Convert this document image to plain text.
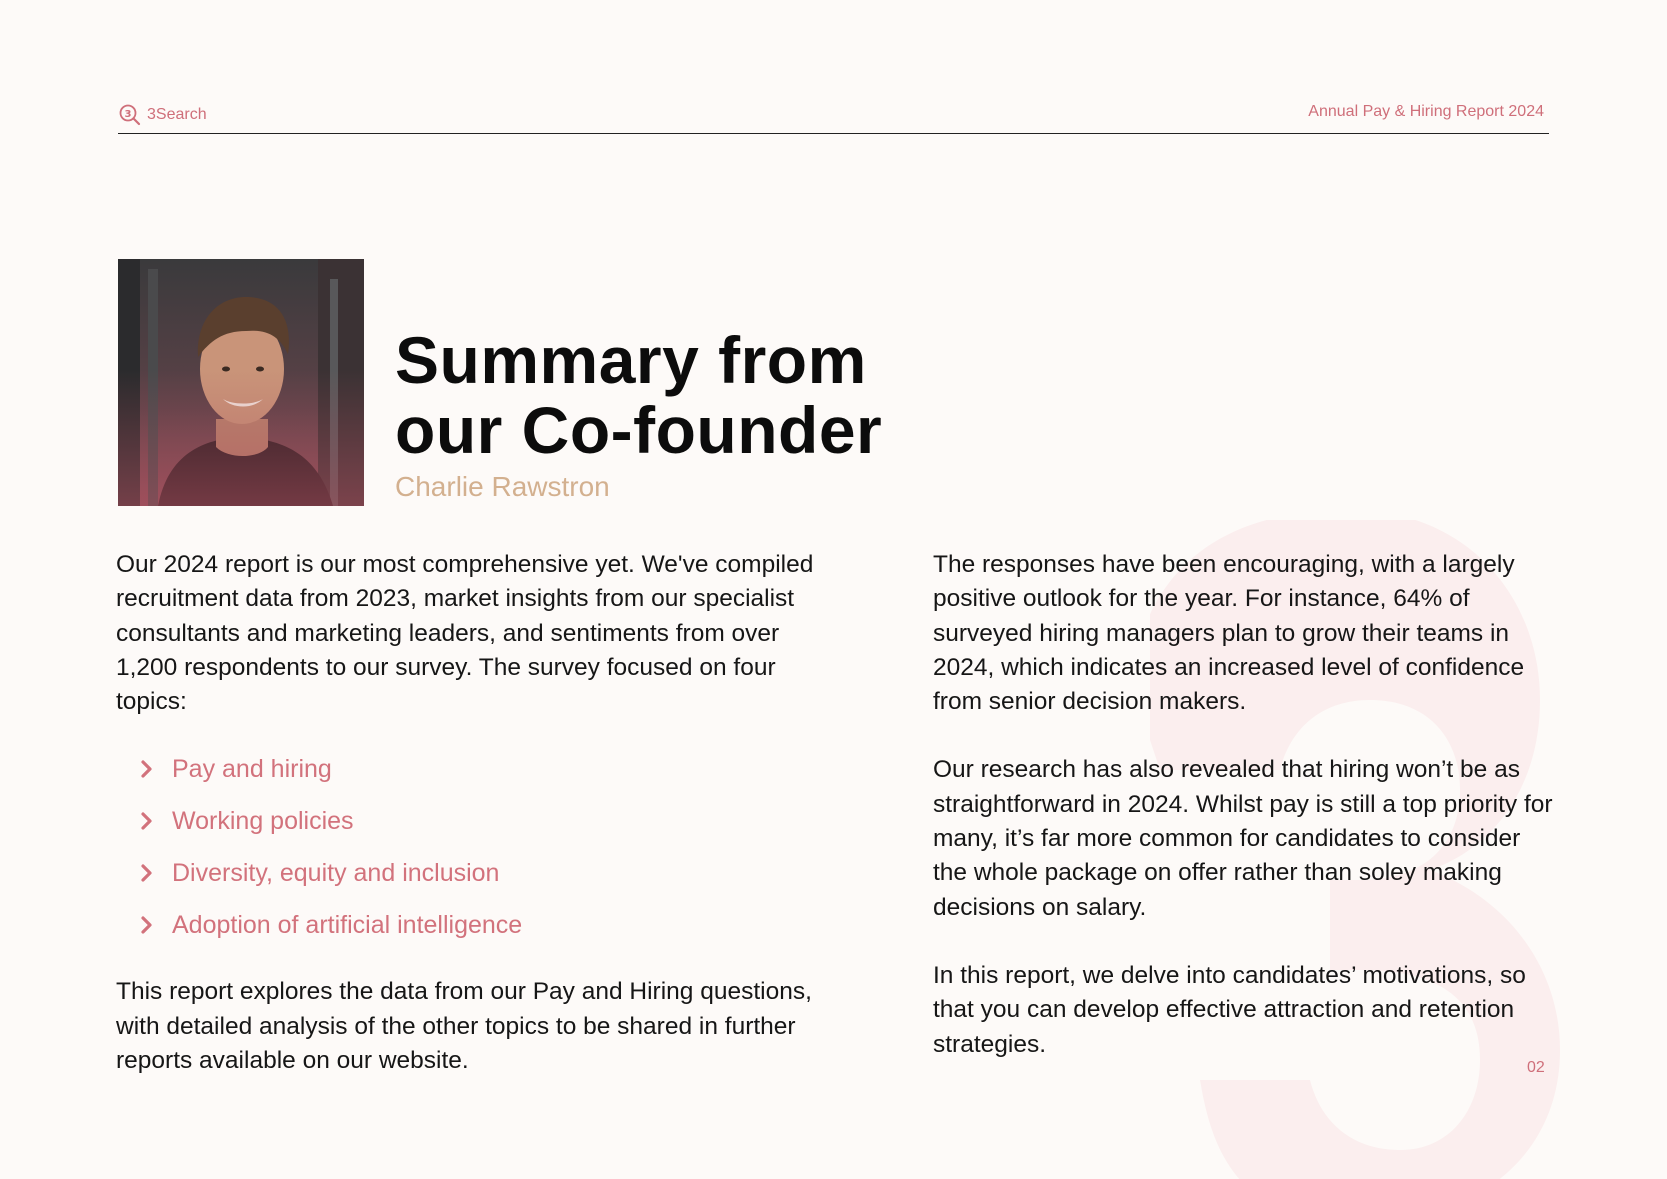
3 3Search	Annual Pay & Hiring Report 2024
Summary from
our Co-founder
Charlie Rawstron

Our 2024 report is our most comprehensive yet. We've compiled recruitment data from 2023, market insights from our specialist consultants and marketing leaders, and sentiments from over 1,200 respondents to our survey. The survey focused on four topics:

Pay and hiring
Working policies
Diversity, equity and inclusion
Adoption of artificial intelligence

This report explores the data from our Pay and Hiring questions, with detailed analysis of the other topics to be shared in further reports available on our website.

The responses have been encouraging, with a largely positive outlook for the year. For instance, 64% of surveyed hiring managers plan to grow their teams in 2024, which indicates an increased level of confidence from senior decision makers.

Our research has also revealed that hiring won’t be as straightforward in 2024. Whilst pay is still a top priority for many, it’s far more common for candidates to consider the whole package on offer rather than soley making decisions on salary.

In this report, we delve into candidates’ motivations, so that you can develop effective attraction and retention strategies.

02
